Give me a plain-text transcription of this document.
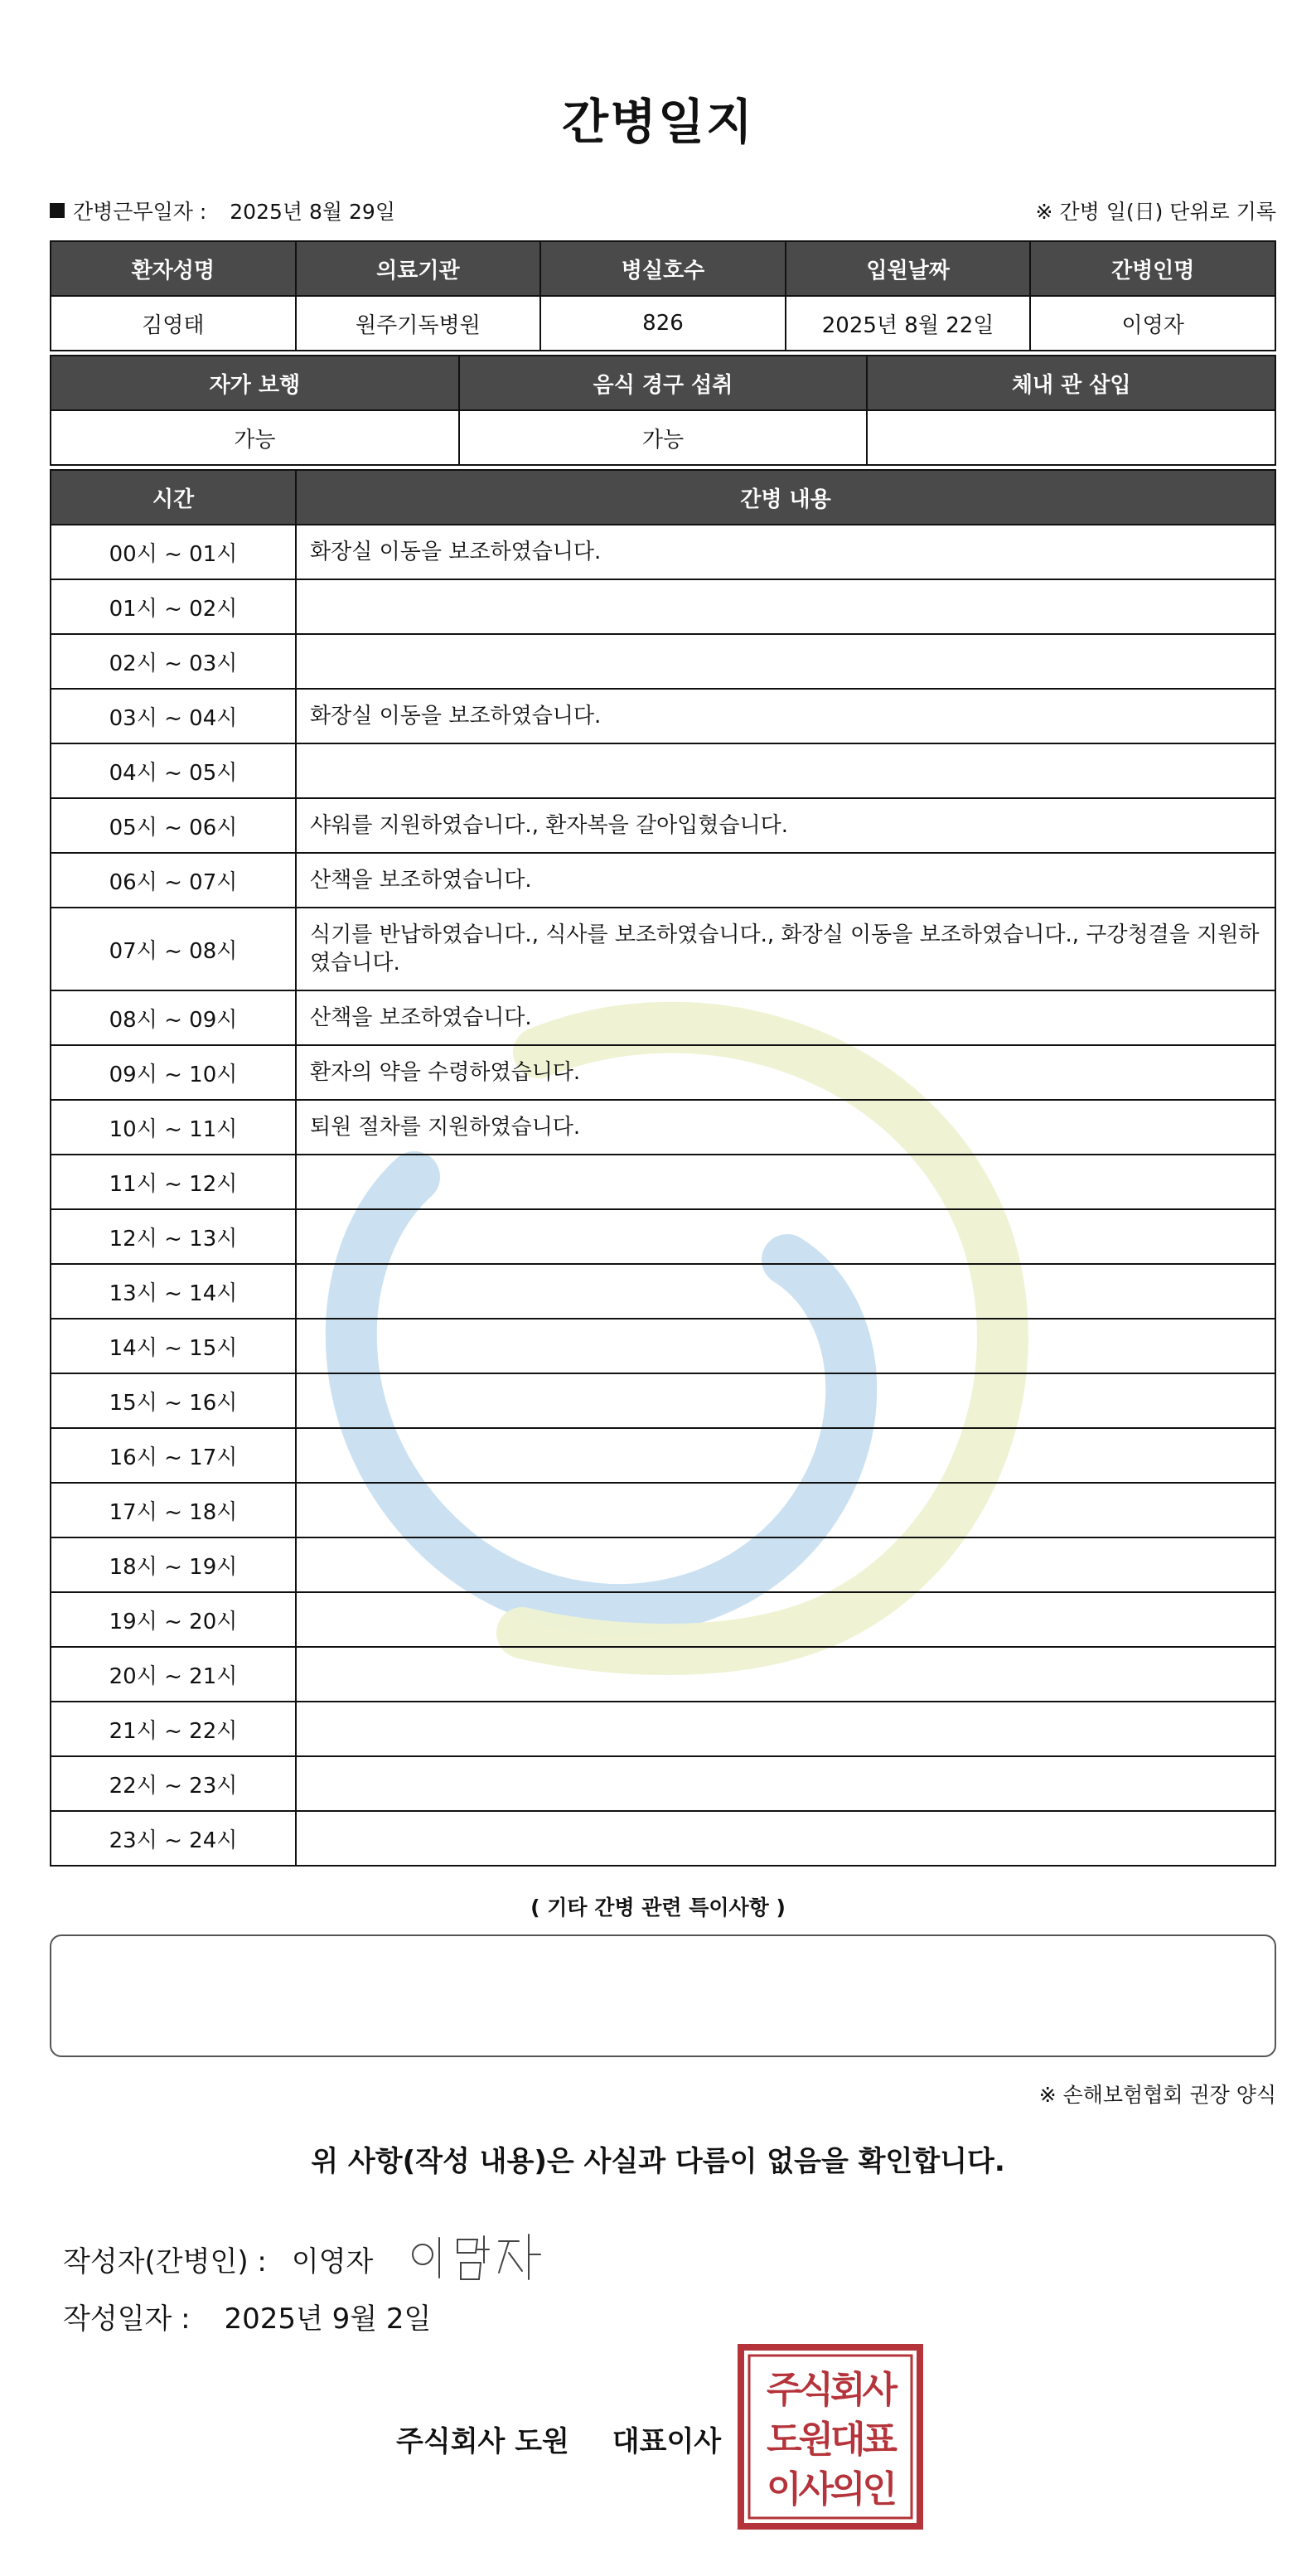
간병일지
간병근무일자 : 2025년 8월 29일	※ 간병 일(日) 단위로 기록
환자성명	의료기관	병실호수	입원날짜	간병인명
김영태	원주기독병원	826	2025년 8월 22일	이영자
자가 보행	음식 경구 섭취	체내 관 삽입
가능	가능	
시간	간병 내용
00시 ~ 01시	화장실 이동을 보조하였습니다.
01시 ~ 02시	
02시 ~ 03시	
03시 ~ 04시	화장실 이동을 보조하였습니다.
04시 ~ 05시	
05시 ~ 06시	샤워를 지원하였습니다., 환자복을 갈아입혔습니다.
06시 ~ 07시	산책을 보조하였습니다.
07시 ~ 08시	식기를 반납하였습니다., 식사를 보조하였습니다., 화장실 이동을 보조하였습니다., 구강청결을 지원하였습니다.
08시 ~ 09시	산책을 보조하였습니다.
09시 ~ 10시	환자의 약을 수령하였습니다.
10시 ~ 11시	퇴원 절차를 지원하였습니다.
11시 ~ 12시	
12시 ~ 13시	
13시 ~ 14시	
14시 ~ 15시	
15시 ~ 16시	
16시 ~ 17시	
17시 ~ 18시	
18시 ~ 19시	
19시 ~ 20시	
20시 ~ 21시	
21시 ~ 22시	
22시 ~ 23시	
23시 ~ 24시	
( 기타 간병 관련 특이사항 )
※ 손해보험협회 권장 양식
위 사항(작성 내용)은 사실과 다름이 없음을 확인합니다.
작성자(간병인) : 이영자
작성일자 : 2025년 9월 2일
주식회사 도원 대표이사
주식회사
도원대표
이사의인
